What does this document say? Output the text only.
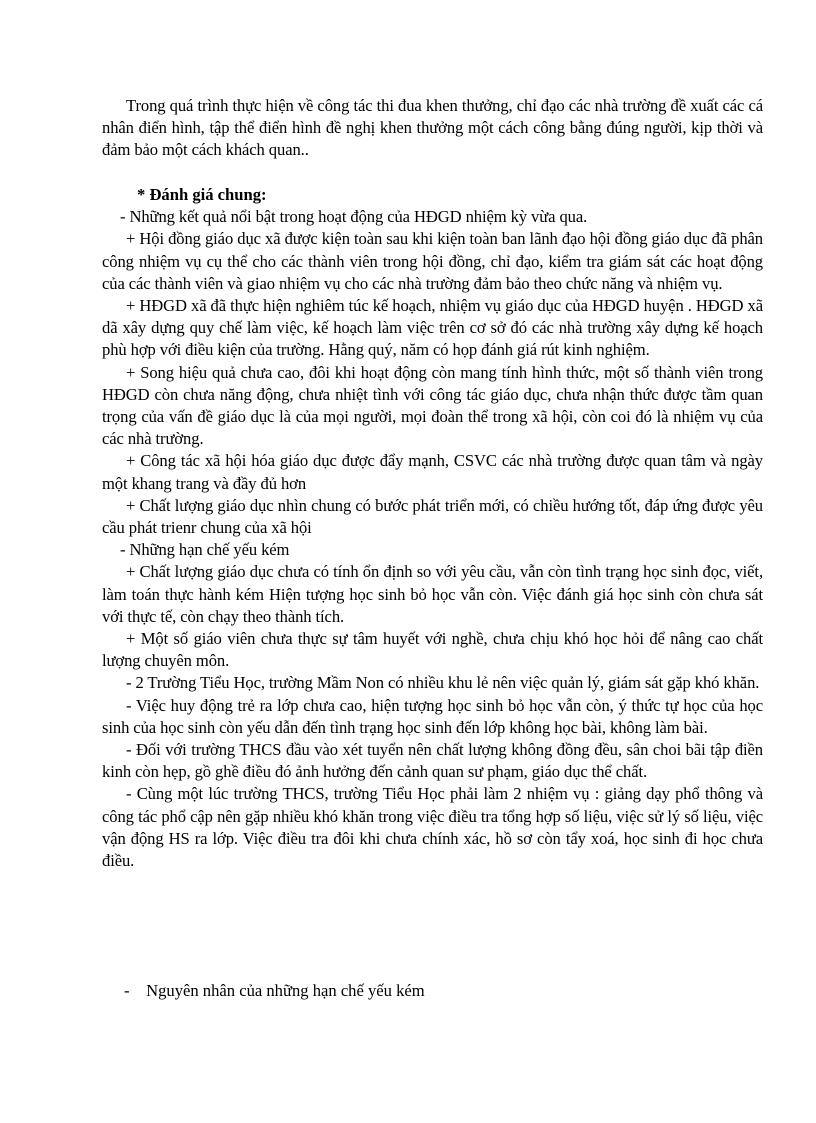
Trong quá trình thực hiện về công tác thi đua khen thưởng, chỉ đạo các nhà trường đề xuất các cá nhân điển hình, tập thể điển hình đề nghị khen thưởng một cách công bằng đúng người, kịp thời và đảm bảo một cách khách quan..

* Đánh giá chung:

- Những kết quả nổi bật trong hoạt động của HĐGD nhiệm kỳ vừa qua.

+ Hội đồng giáo dục xã được kiện toàn sau khi kiện toàn ban lãnh đạo hội đồng giáo dục đã phân công nhiệm vụ cụ thể cho các thành viên trong hội đồng, chỉ đạo, kiểm tra giám sát các hoạt động của các thành viên và giao nhiệm vụ cho các nhà trường đảm bảo theo chức năng và nhiệm vụ.

+ HĐGD xã đã thực hiện nghiêm túc kế hoạch, nhiệm vụ giáo dục của HĐGD huyện . HĐGD xã dã xây dựng quy chế làm việc, kế hoạch làm việc trên cơ sở đó các nhà trường xây dựng kế hoạch phù hợp với điều kiện của trường. Hằng quý, năm có họp đánh giá rút kinh nghiệm.

+ Song hiệu quả chưa cao, đôi khi hoạt động còn mang tính hình thức, một số thành viên trong HĐGD còn chưa năng động, chưa nhiệt tình với công tác giáo dục, chưa nhận thức được tầm quan trọng của vấn đề giáo dục là của mọi người, mọi đoàn thể trong xã hội, còn coi đó là nhiệm vụ của các nhà trường.

+ Công tác xã hội hóa giáo dục được đẩy mạnh, CSVC các nhà trường được quan tâm và ngày một khang trang và đầy đủ hơn

+ Chất lượng giáo dục nhìn chung có bước phát triển mới, có chiều hướng tốt, đáp ứng được yêu cầu phát trienr chung của xã hội

- Những hạn chế yếu kém

+ Chất lượng giáo dục chưa có tính ổn định so với yêu cầu, vẫn còn tình trạng học sinh đọc, viết, làm toán thực hành kém Hiện tượng học sinh bỏ học vẫn còn. Việc đánh giá học sinh còn chưa sát với thực tế, còn chạy theo thành tích.

+ Một số giáo viên chưa thực sự tâm huyết với nghề, chưa chịu khó học hỏi để nâng cao chất lượng chuyên môn.

- 2 Trường Tiểu Học, trường Mầm Non có nhiều khu lẻ nên việc quản lý, giám sát gặp khó khăn.

- Việc huy động trẻ ra lớp chưa cao, hiện tượng học sinh bỏ học vẫn còn, ý thức tự học của học sinh của học sinh còn yếu dẫn đến tình trạng học sinh đến lớp không học bài, không làm bài.

- Đối với trường THCS đầu vào xét tuyển nên chất lượng không đồng đều, sân choi bãi tập điền kinh còn hẹp, gồ ghề điều đó ảnh hưởng đến cảnh quan sư phạm, giáo dục thể chất.

- Cùng một lúc trường THCS, trường Tiểu Học phải làm 2 nhiệm vụ : giảng dạy phổ thông và công tác phổ cập nên gặp nhiều khó khăn trong việc điều tra tổng hợp số liệu, việc sử lý số liệu, việc vận động HS ra lớp. Việc điều tra đôi khi chưa chính xác, hồ sơ còn tẩy xoá, học sinh đi học chưa điều.

-    Nguyên nhân của những hạn chế yếu kém
